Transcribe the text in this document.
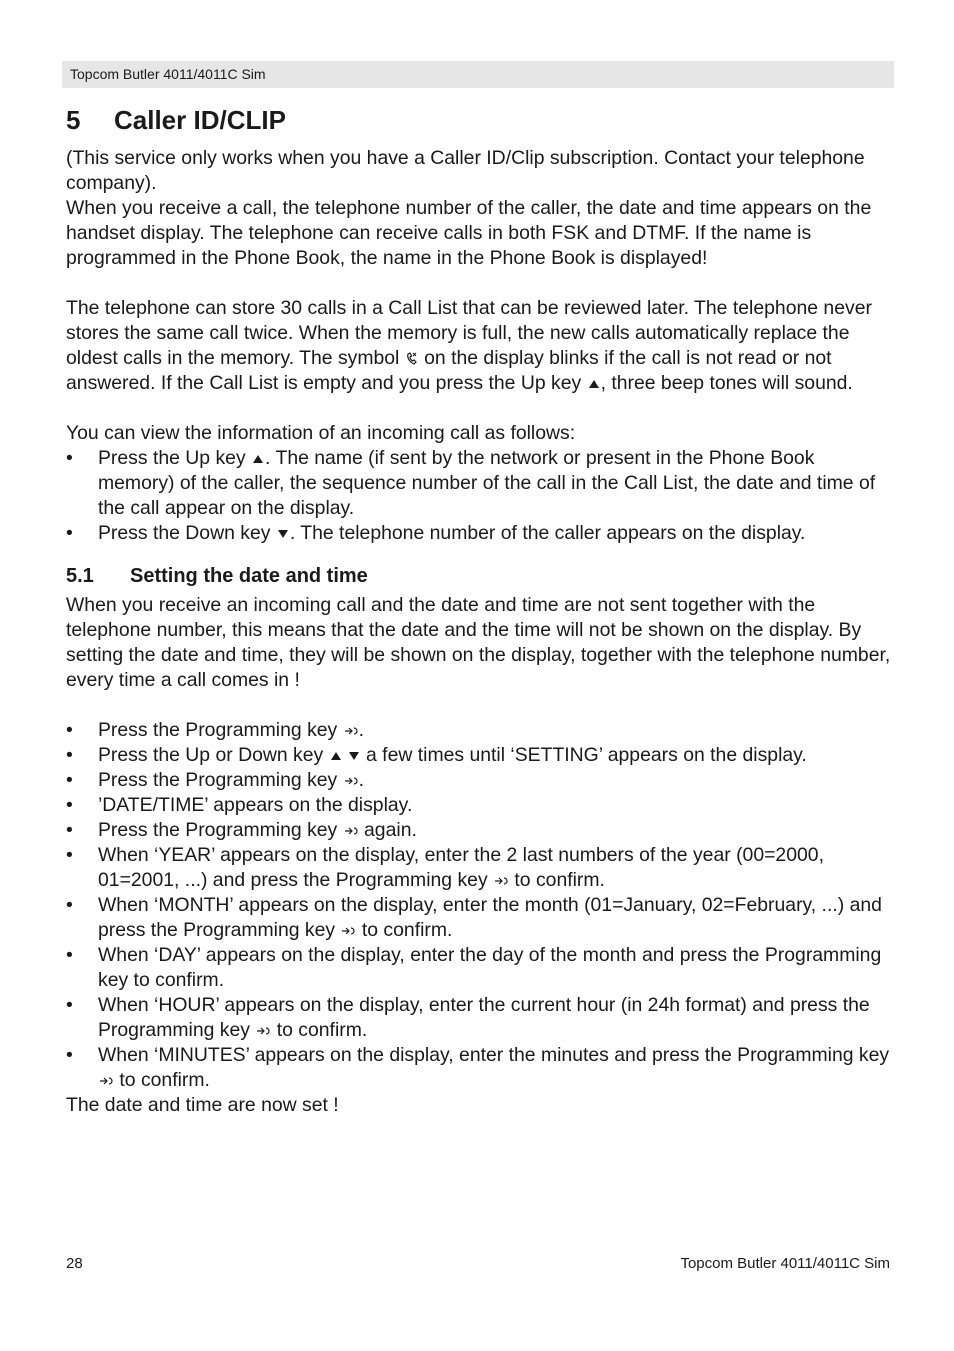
Topcom Butler 4011/4011C Sim
5 Caller ID/CLIP

(This service only works when you have a Caller ID/Clip subscription. Contact your telephone company).

When you receive a call, the telephone number of the caller, the date and time appears on the handset display. The telephone can receive calls in both FSK and DTMF. If the name is programmed in the Phone Book, the name in the Phone Book is displayed!

The telephone can store 30 calls in a Call List that can be reviewed later. The telephone never stores the same call twice. When the memory is full, the new calls automatically replace the oldest calls in the memory. The symbol
on the display blinks if the call is not read or not answered. If the Call List is empty and you press the Up key
, three beep tones will sound.

You can view the information of an incoming call as follows:

• Press the Up key
. The name (if sent by the network or present in the Phone Book memory) of the caller, the sequence number of the call in the Call List, the date and time of the call appear on the display.
• Press the Down key
. The telephone number of the caller appears on the display.
5.1 Setting the date and time

When you receive an incoming call and the date and time are not sent together with the telephone number, this means that the date and the time will not be shown on the display. By setting the date and time, they will be shown on the display, together with the telephone number, every time a call comes in !

• Press the Programming key
.
• Press the Up or Down key
a few times until ‘SETTING’ appears on the display.
• Press the Programming key
.
• ’DATE/TIME’ appears on the display.
• Press the Programming key
again.
• When ‘YEAR’ appears on the display, enter the 2 last numbers of the year (00=2000, 01=2001, ...) and press the Programming key
to confirm.
• When ‘MONTH’ appears on the display, enter the month (01=January, 02=February, ...) and press the Programming key
to confirm.
• When ‘DAY’ appears on the display, enter the day of the month and press the Programming key to confirm.
• When ‘HOUR’ appears on the display, enter the current hour (in 24h format) and press the Programming key
to confirm.
• When ‘MINUTES’ appears on the display, enter the minutes and press the Programming key
to confirm.

The date and time are now set !

28	Topcom Butler 4011/4011C Sim
